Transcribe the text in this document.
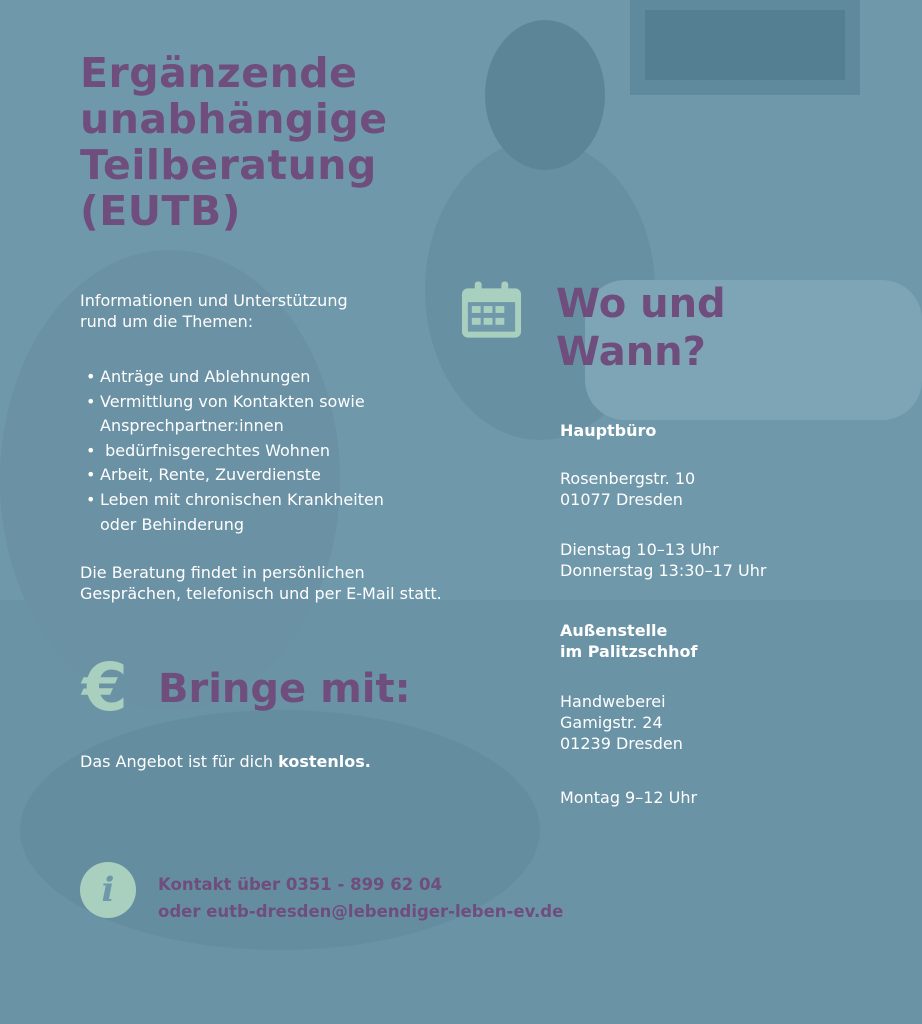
Ergänzende
unabhängige
Teilberatung
(EUTB)
Informationen und Unterstützung
rund um die Themen:
• Anträge und Ablehnungen
• Vermittlung von Kontakten sowie
Ansprechpartner:innen
•  bedürfnisgerechtes Wohnen
• Arbeit, Rente, Zuverdienste
• Leben mit chronischen Krankheiten
oder Behinderung
Die Beratung findet in persönlichen
Gesprächen, telefonisch und per E-Mail statt.
€ Bringe mit:
Das Angebot ist für dich kostenlos.
i	Kontakt über 0351 - 899 62 04
oder eutb-dresden@lebendiger-leben-ev.de
Wo und
Wann?
Hauptbüro
Rosenbergstr. 10
01077 Dresden
Dienstag 10–13 Uhr
Donnerstag 13:30–17 Uhr
Außenstelle
im Palitzschhof
Handweberei
Gamigstr. 24
01239 Dresden
Montag 9–12 Uhr
